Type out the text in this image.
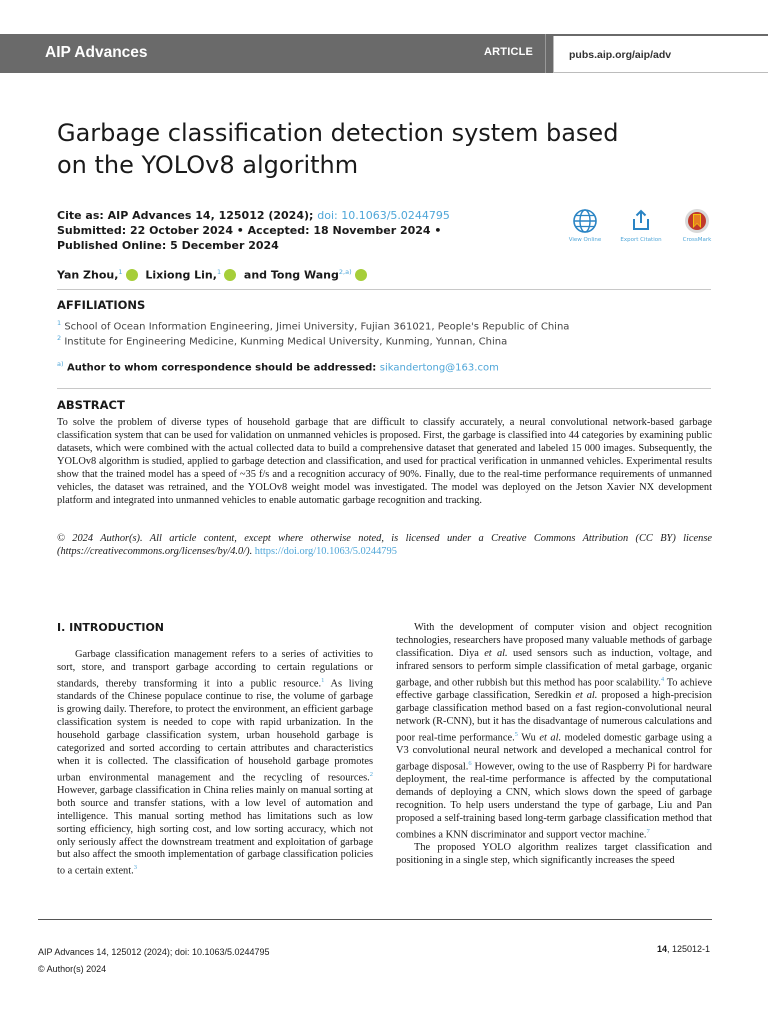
AIP Advances	ARTICLE	pubs.aip.org/aip/adv
Garbage classification detection system based
on the YOLOv8 algorithm
Cite as: AIP Advances 14, 125012 (2024); doi: 10.1063/5.0244795
Submitted: 22 October 2024 • Accepted: 18 November 2024 •
Published Online: 5 December 2024	View Online	Export Citation	CrossMark
Yan Zhou,$^1$ Lixiong Lin,$^1$ and Tong Wang$^{2,a)}$
AFFILIATIONS
$^1$ School of Ocean Information Engineering, Jimei University, Fujian 361021, People's Republic of China
$^2$ Institute for Engineering Medicine, Kunming Medical University, Kunming, Yunnan, China
$^{a)}$ Author to whom correspondence should be addressed: sikandertong@163.com
ABSTRACT

To solve the problem of diverse types of household garbage that are difficult to classify accurately, a neural convolutional network-based garbage classification system that can be used for validation on unmanned vehicles is proposed. First, the garbage is classified into 44 categories by examining public datasets, which were combined with the actual collected data to build a comprehensive dataset that generated and labeled 15 000 images. Subsequently, the YOLOv8 algorithm is studied, applied to garbage detection and classification, and used for practical verification in unmanned vehicles. Experimental results show that the trained model has a speed of ~35 f/s and a recognition accuracy of 90%. Finally, due to the real-time performance requirements of unmanned vehicles, the dataset was retrained, and the YOLOv8 weight model was investigated. The model was deployed on the Jetson Xavier NX development platform and integrated into unmanned vehicles to enable automatic garbage recognition and tracking.

© 2024 Author(s). All article content, except where otherwise noted, is licensed under a Creative Commons Attribution (CC BY) license (https://creativecommons.org/licenses/by/4.0/). https://doi.org/10.1063/5.0244795

I. INTRODUCTION

Garbage classification management refers to a series of activities to sort, store, and transport garbage according to certain regulations or standards, thereby transforming it into a public resource.$^1$ As living standards of the Chinese populace continue to rise, the volume of garbage is growing daily. Therefore, to protect the environment, an efficient garbage classification system is needed to cope with rapid urbanization. In the household garbage classification system, urban household garbage is categorized and sorted according to certain attributes and characteristics when it is collected. The classification of household garbage promotes urban environmental management and the recycling of resources.$^2$ However, garbage classification in China relies mainly on manual sorting at both source and transfer stations, with a low level of automation and intelligence. This manual sorting method has limitations such as low sorting efficiency, high sorting cost, and low sorting accuracy, which not only seriously affect the downstream treatment and exploitation of garbage but also affect the smooth implementation of garbage classification policies to a certain extent.$^3$

With the development of computer vision and object recognition technologies, researchers have proposed many valuable methods of garbage classification. Diya et al. used sensors such as induction, voltage, and infrared sensors to perform simple classification of metal garbage, organic garbage, and other rubbish but this method has poor scalability.$^4$ To achieve effective garbage classification, Seredkin et al. proposed a high-precision garbage classification method based on a fast region-convolutional neural network (R-CNN), but it has the disadvantage of numerous calculations and poor real-time performance.$^5$ Wu et al. modeled domestic garbage using a V3 convolutional neural network and developed a mechanical control for garbage disposal.$^6$ However, owing to the use of Raspberry Pi for hardware deployment, the real-time performance is affected by the computational demands of deploying a CNN, which slows down the speed of garbage recognition. To help users understand the type of garbage, Liu and Pan proposed a self-training based long-term garbage classification method that combines a KNN discriminator and support vector machine.$^7$

The proposed YOLO algorithm realizes target classification and positioning in a single step, which significantly increases the speed

AIP Advances 14, 125012 (2024); doi: 10.1063/5.0244795
© Author(s) 2024
14, 125012-1
